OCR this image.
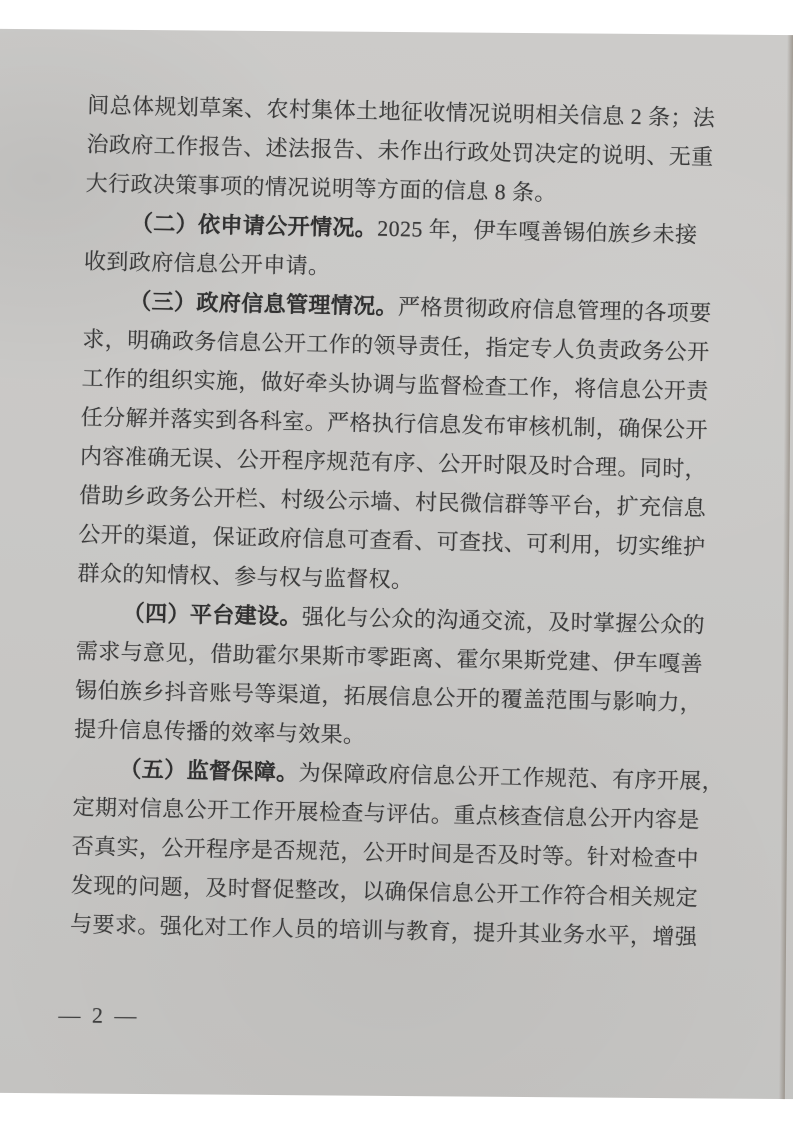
间总体规划草案、农村集体土地征收情况说明相关信息 2 条；法
治政府工作报告、述法报告、未作出行政处罚决定的说明、无重
大行政决策事项的情况说明等方面的信息 8 条。
（二）依申请公开情况。2025 年，伊车嘎善锡伯族乡未接
收到政府信息公开申请。
（三）政府信息管理情况。严格贯彻政府信息管理的各项要
求，明确政务信息公开工作的领导责任，指定专人负责政务公开
工作的组织实施，做好牵头协调与监督检查工作，将信息公开责
任分解并落实到各科室。严格执行信息发布审核机制，确保公开
内容准确无误、公开程序规范有序、公开时限及时合理。同时，
借助乡政务公开栏、村级公示墙、村民微信群等平台，扩充信息
公开的渠道，保证政府信息可查看、可查找、可利用，切实维护
群众的知情权、参与权与监督权。
（四）平台建设。强化与公众的沟通交流，及时掌握公众的
需求与意见，借助霍尔果斯市零距离、霍尔果斯党建、伊车嘎善
锡伯族乡抖音账号等渠道，拓展信息公开的覆盖范围与影响力，
提升信息传播的效率与效果。
（五）监督保障。为保障政府信息公开工作规范、有序开展，
定期对信息公开工作开展检查与评估。重点核查信息公开内容是
否真实，公开程序是否规范，公开时间是否及时等。针对检查中
发现的问题，及时督促整改，以确保信息公开工作符合相关规定
与要求。强化对工作人员的培训与教育，提升其业务水平，增强
— 2 —
